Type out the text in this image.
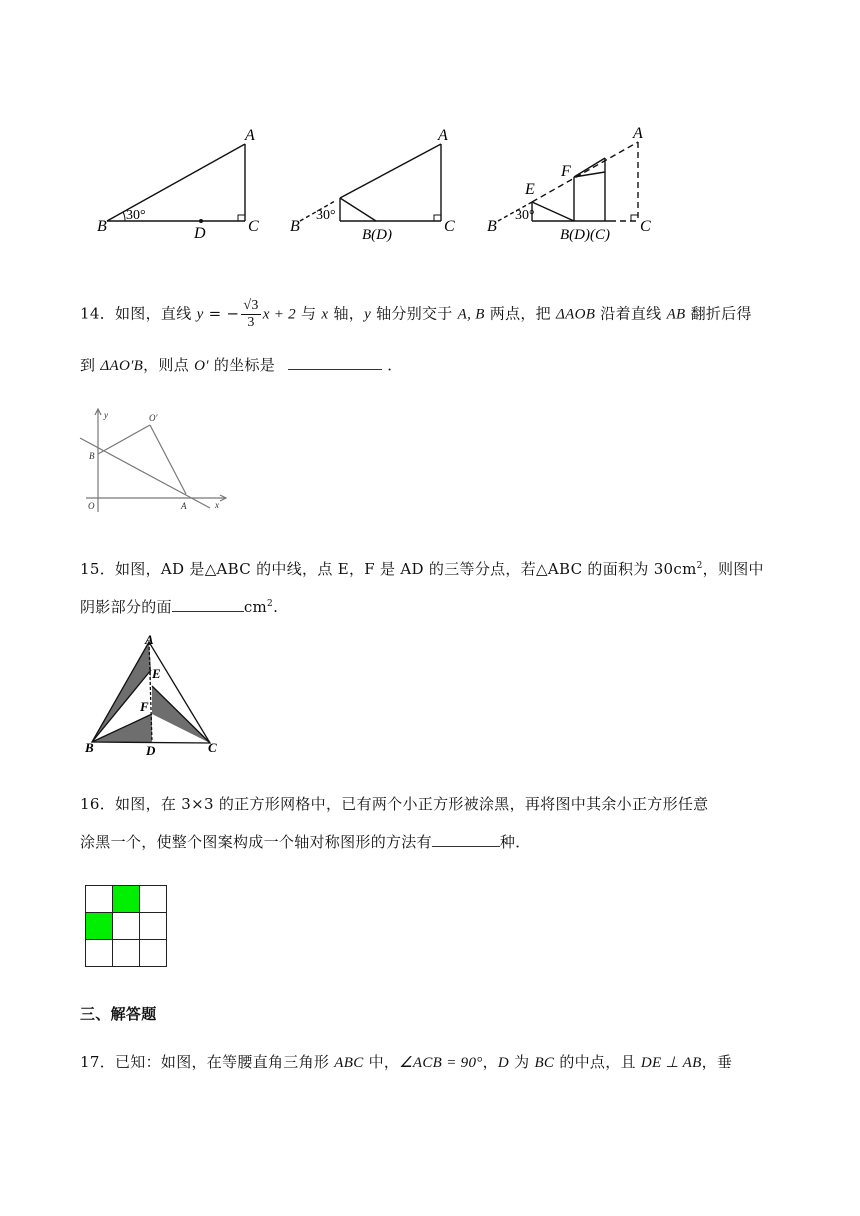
B
A
C
D
30°
B
A
C
B(D)
30°
B
A
C
E
F
B(D)(C)
30°
14．如图，直线 y = − $\frac{√3}{3}$ x + 2 与 x 轴，y 轴分别交于 A, B 两点，把 ΔAOB 沿着直线 AB 翻折后得
到 ΔAO′B，则点 O′ 的坐标是	．
y
x
O
O′
A
B
15．如图，AD 是△ABC 的中线，点 E，F 是 AD 的三等分点，若△ABC 的面积为 $30cm^2$，则图中
阴影部分的面	$cm^2$.
A
B	C
D
E
F
16．如图，在 3×3 的正方形网格中，已有两个小正方形被涂黑，再将图中其余小正方形任意
涂黑一个，使整个图案构成一个轴对称图形的方法有	种．
三、解答题
17．已知：如图，在等腰直角三角形 ABC 中，∠ACB = 90°，D 为 BC 的中点，且 DE ⊥ AB，垂
